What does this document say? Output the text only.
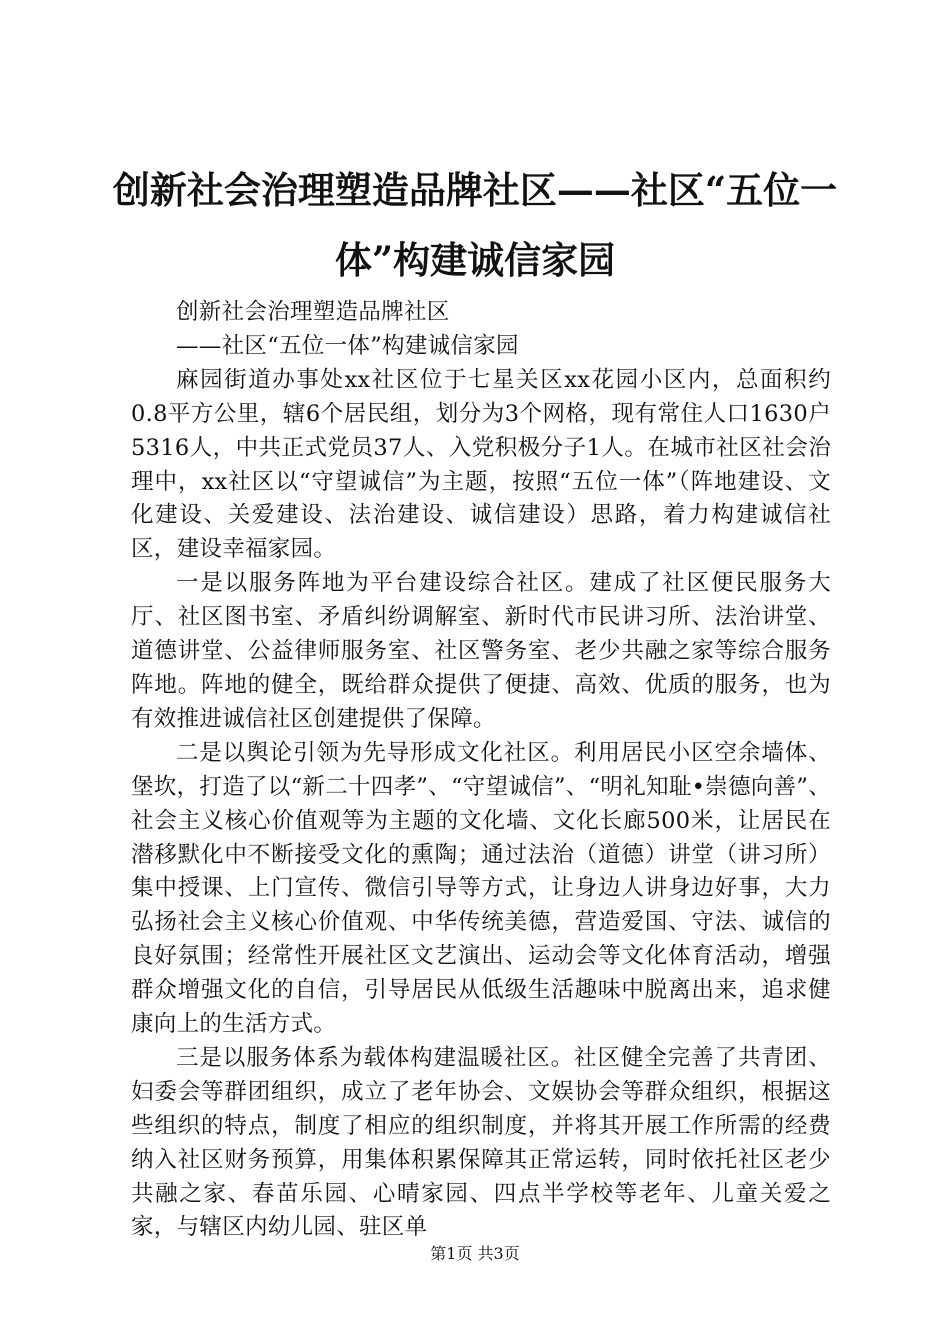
创新社会治理塑造品牌社区——社区“五位一体”构建诚信家园

创新社会治理塑造品牌社区

——社区“五位一体”构建诚信家园

麻园街道办事处xx社区位于七星关区xx花园小区内，总面积约0.8平方公里，辖6个居民组，划分为3个网格，现有常住人口1630户5316人，中共正式党员37人、入党积极分子1人。在城市社区社会治理中，xx社区以“守望诚信”为主题，按照“五位一体”（阵地建设、文化建设、关爱建设、法治建设、诚信建设）思路，着力构建诚信社区，建设幸福家园。

一是以服务阵地为平台建设综合社区。建成了社区便民服务大厅、社区图书室、矛盾纠纷调解室、新时代市民讲习所、法治讲堂、道德讲堂、公益律师服务室、社区警务室、老少共融之家等综合服务阵地。阵地的健全，既给群众提供了便捷、高效、优质的服务，也为有效推进诚信社区创建提供了保障。

二是以舆论引领为先导形成文化社区。利用居民小区空余墙体、堡坎，打造了以“新二十四孝”、“守望诚信”、“明礼知耻•崇德向善”、社会主义核心价值观等为主题的文化墙、文化长廊500米，让居民在潜移默化中不断接受文化的熏陶；通过法治（道德）讲堂（讲习所）集中授课、上门宣传、微信引导等方式，让身边人讲身边好事，大力弘扬社会主义核心价值观、中华传统美德，营造爱国、守法、诚信的良好氛围；经常性开展社区文艺演出、运动会等文化体育活动，增强群众增强文化的自信，引导居民从低级生活趣味中脱离出来，追求健康向上的生活方式。

三是以服务体系为载体构建温暖社区。社区健全完善了共青团、妇委会等群团组织，成立了老年协会、文娱协会等群众组织，根据这些组织的特点，制度了相应的组织制度，并将其开展工作所需的经费纳入社区财务预算，用集体积累保障其正常运转，同时依托社区老少共融之家、春苗乐园、心晴家园、四点半学校等老年、儿童关爱之家，与辖区内幼儿园、驻区单

第1页 共3页
